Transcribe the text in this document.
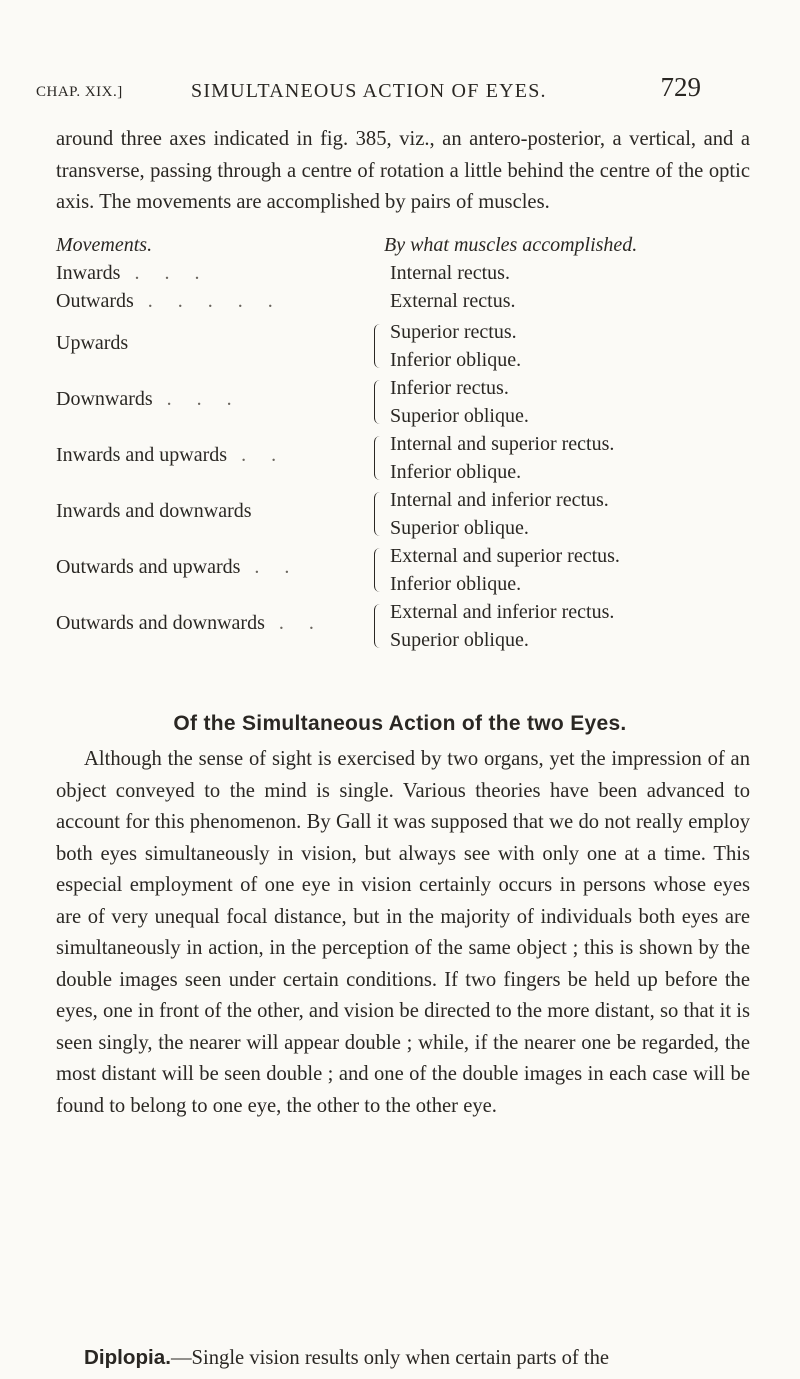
CHAP. XIX.]	SIMULTANEOUS ACTION OF EYES.	729

around three axes indicated in fig. 385, viz., an antero-posterior, a vertical, and a transverse, passing through a centre of rotation a little behind the centre of the optic axis. The movements are accomplished by pairs of muscles.

Movements.	By what muscles accomplished.
Inwards . . .	Internal rectus.
Outwards . . . . .	External rectus.
Upwards	Superior rectus.
Inferior oblique.
Downwards . . .	Inferior rectus.
Superior oblique.
Inwards and upwards . .	Internal and superior rectus.
Inferior oblique.
Inwards and downwards	Internal and inferior rectus.
Superior oblique.
Outwards and upwards . .	External and superior rectus.
Inferior oblique.
Outwards and downwards . .	External and inferior rectus.
Superior oblique.
Of the Simultaneous Action of the two Eyes.

Although the sense of sight is exercised by two organs, yet the impression of an object conveyed to the mind is single. Various theories have been advanced to account for this phenomenon. By Gall it was supposed that we do not really employ both eyes simultaneously in vision, but always see with only one at a time. This especial employment of one eye in vision certainly occurs in persons whose eyes are of very unequal focal distance, but in the majority of individuals both eyes are simultaneously in action, in the perception of the same object ; this is shown by the double images seen under certain conditions. If two fingers be held up before the eyes, one in front of the other, and vision be directed to the more distant, so that it is seen singly, the nearer will appear double ; while, if the nearer one be regarded, the most distant will be seen double ; and one of the double images in each case will be found to belong to one eye, the other to the other eye.

Diplopia.—Single vision results only when certain parts of the
